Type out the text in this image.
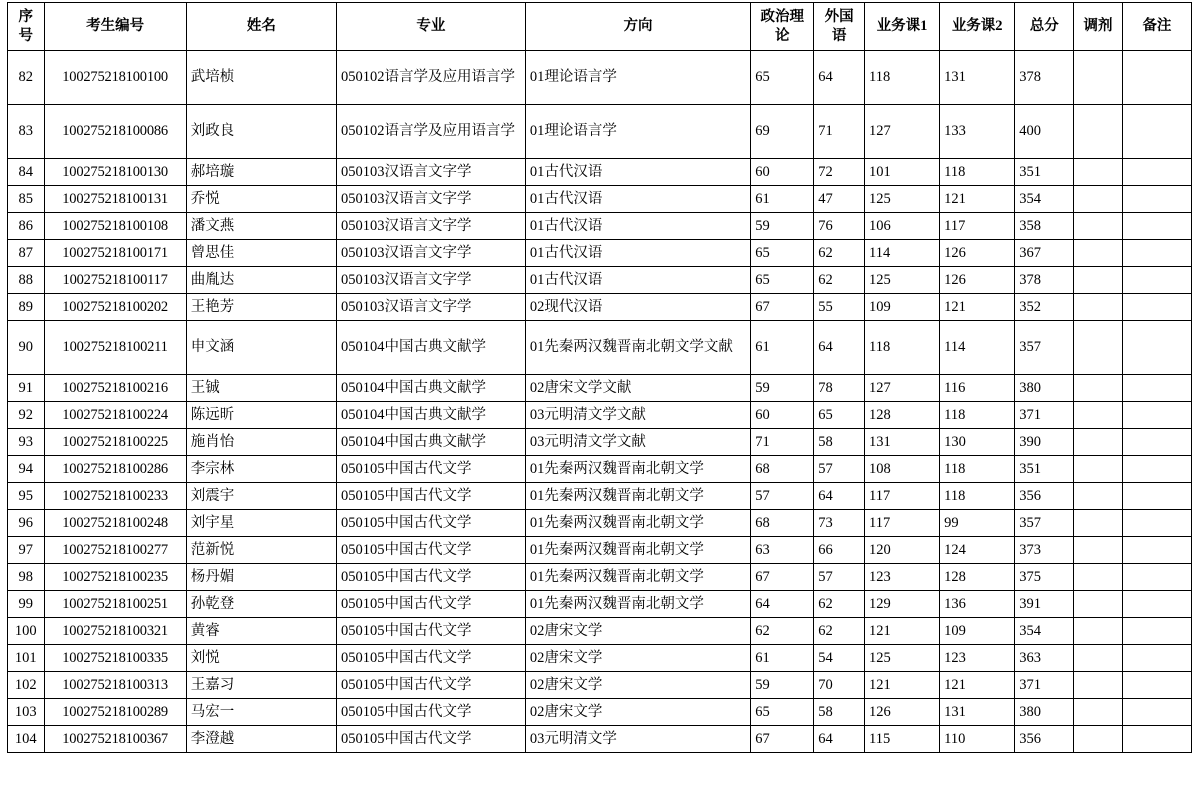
序号	考生编号	姓名	专业	方向	政治理论	外国语	业务课1	业务课2	总分	调剂	备注
82	100275218100100	武培桢	050102语言学及应用语言学	01理论语言学	65	64	118	131	378		
83	100275218100086	刘政良	050102语言学及应用语言学	01理论语言学	69	71	127	133	400		
84	100275218100130	郝培璇	050103汉语言文字学	01古代汉语	60	72	101	118	351		
85	100275218100131	乔悦	050103汉语言文字学	01古代汉语	61	47	125	121	354		
86	100275218100108	潘文燕	050103汉语言文字学	01古代汉语	59	76	106	117	358		
87	100275218100171	曾思佳	050103汉语言文字学	01古代汉语	65	62	114	126	367		
88	100275218100117	曲胤达	050103汉语言文字学	01古代汉语	65	62	125	126	378		
89	100275218100202	王艳芳	050103汉语言文字学	02现代汉语	67	55	109	121	352		
90	100275218100211	申文涵	050104中国古典文献学	01先秦两汉魏晋南北朝文学文献	61	64	118	114	357		
91	100275218100216	王铖	050104中国古典文献学	02唐宋文学文献	59	78	127	116	380		
92	100275218100224	陈远昕	050104中国古典文献学	03元明清文学文献	60	65	128	118	371		
93	100275218100225	施肖怡	050104中国古典文献学	03元明清文学文献	71	58	131	130	390		
94	100275218100286	李宗林	050105中国古代文学	01先秦两汉魏晋南北朝文学	68	57	108	118	351		
95	100275218100233	刘震宇	050105中国古代文学	01先秦两汉魏晋南北朝文学	57	64	117	118	356		
96	100275218100248	刘宇星	050105中国古代文学	01先秦两汉魏晋南北朝文学	68	73	117	99	357		
97	100275218100277	范新悦	050105中国古代文学	01先秦两汉魏晋南北朝文学	63	66	120	124	373		
98	100275218100235	杨丹媚	050105中国古代文学	01先秦两汉魏晋南北朝文学	67	57	123	128	375		
99	100275218100251	孙乾登	050105中国古代文学	01先秦两汉魏晋南北朝文学	64	62	129	136	391		
100	100275218100321	黄睿	050105中国古代文学	02唐宋文学	62	62	121	109	354		
101	100275218100335	刘悦	050105中国古代文学	02唐宋文学	61	54	125	123	363		
102	100275218100313	王嘉习	050105中国古代文学	02唐宋文学	59	70	121	121	371		
103	100275218100289	马宏一	050105中国古代文学	02唐宋文学	65	58	126	131	380		
104	100275218100367	李澄越	050105中国古代文学	03元明清文学	67	64	115	110	356		
